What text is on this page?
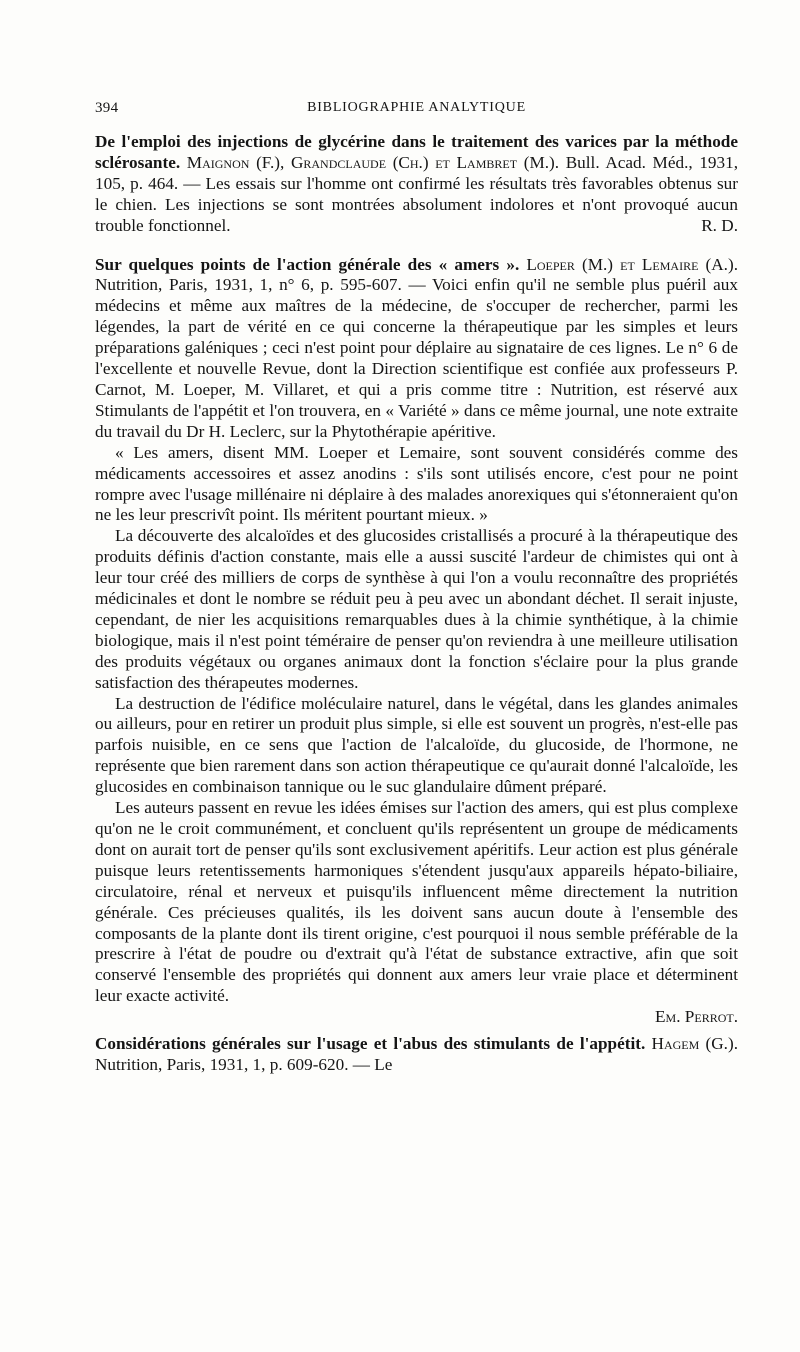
394	BIBLIOGRAPHIE ANALYTIQUE

De l'emploi des injections de glycérine dans le traitement des varices par la méthode sclérosante. Maignon (F.), Grandclaude (Ch.) et Lambret (M.). Bull. Acad. Méd., 1931, 105, p. 464. — Les essais sur l'homme ont confirmé les résultats très favorables obtenus sur le chien. Les injections se sont montrées absolument indolores et n'ont provoqué aucun trouble fonctionnel.	R. D.

Sur quelques points de l'action générale des « amers ». Loeper (M.) et Lemaire (A.). Nutrition, Paris, 1931, 1, n° 6, p. 595-607. — Voici enfin qu'il ne semble plus puéril aux médecins et même aux maîtres de la médecine, de s'occuper de rechercher, parmi les légendes, la part de vérité en ce qui concerne la thérapeutique par les simples et leurs préparations galéniques ; ceci n'est point pour déplaire au signataire de ces lignes. Le n° 6 de l'excellente et nouvelle Revue, dont la Direction scientifique est confiée aux professeurs P. Carnot, M. Loeper, M. Villaret, et qui a pris comme titre : Nutrition, est réservé aux Stimulants de l'appétit et l'on trouvera, en « Variété » dans ce même journal, une note extraite du travail du Dr H. Leclerc, sur la Phytothérapie apéritive.

« Les amers, disent MM. Loeper et Lemaire, sont souvent considérés comme des médicaments accessoires et assez anodins : s'ils sont utilisés encore, c'est pour ne point rompre avec l'usage millénaire ni déplaire à des malades anorexiques qui s'étonneraient qu'on ne les leur prescrivît point. Ils méritent pourtant mieux. »

La découverte des alcaloïdes et des glucosides cristallisés a procuré à la thérapeutique des produits définis d'action constante, mais elle a aussi suscité l'ardeur de chimistes qui ont à leur tour créé des milliers de corps de synthèse à qui l'on a voulu reconnaître des propriétés médicinales et dont le nombre se réduit peu à peu avec un abondant déchet. Il serait injuste, cependant, de nier les acquisitions remarquables dues à la chimie synthétique, à la chimie biologique, mais il n'est point téméraire de penser qu'on reviendra à une meilleure utilisation des produits végétaux ou organes animaux dont la fonction s'éclaire pour la plus grande satisfaction des thérapeutes modernes.

La destruction de l'édifice moléculaire naturel, dans le végétal, dans les glandes animales ou ailleurs, pour en retirer un produit plus simple, si elle est souvent un progrès, n'est-elle pas parfois nuisible, en ce sens que l'action de l'alcaloïde, du glucoside, de l'hormone, ne représente que bien rarement dans son action thérapeutique ce qu'aurait donné l'alcaloïde, les glucosides en combinaison tannique ou le suc glandulaire dûment préparé.

Les auteurs passent en revue les idées émises sur l'action des amers, qui est plus complexe qu'on ne le croit communément, et concluent qu'ils représentent un groupe de médicaments dont on aurait tort de penser qu'ils sont exclusivement apéritifs. Leur action est plus générale puisque leurs retentissements harmoniques s'étendent jusqu'aux appareils hépato-biliaire, circulatoire, rénal et nerveux et puisqu'ils influencent même directement la nutrition générale. Ces précieuses qualités, ils les doivent sans aucun doute à l'ensemble des composants de la plante dont ils tirent origine, c'est pourquoi il nous semble préférable de la prescrire à l'état de poudre ou d'extrait qu'à l'état de substance extractive, afin que soit conservé l'ensemble des propriétés qui donnent aux amers leur vraie place et déterminent leur exacte activité.

Em. Perrot.

Considérations générales sur l'usage et l'abus des stimulants de l'appétit. Hagem (G.). Nutrition, Paris, 1931, 1, p. 609-620. — Le
